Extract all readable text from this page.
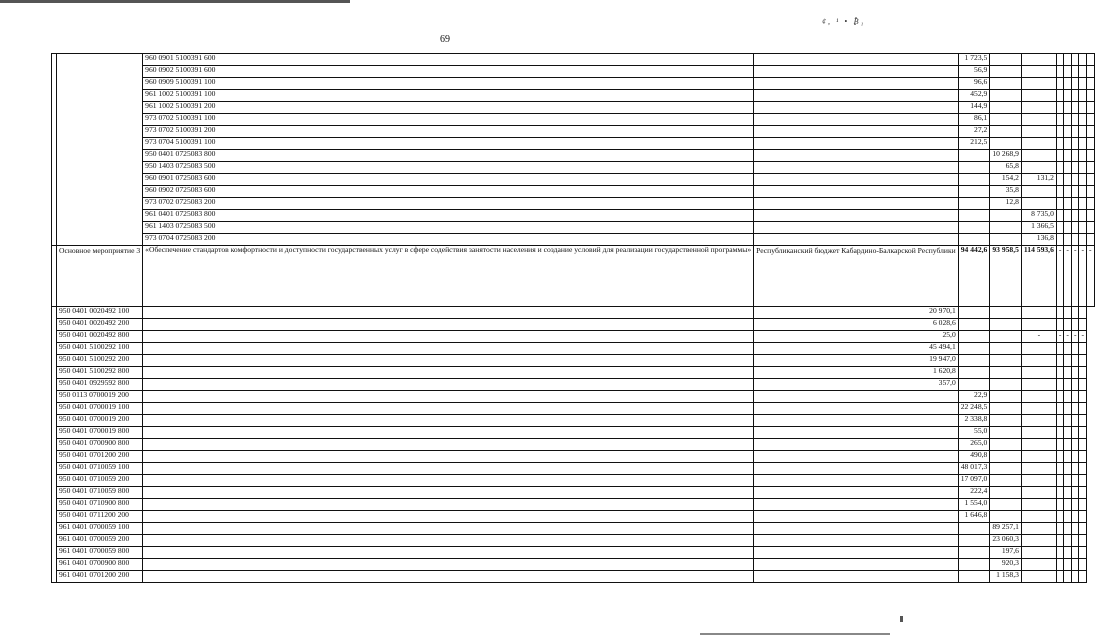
69
¢, ¹ • ₿₁
		960 0901 5100391 600		1 723,5							
		960 0902 5100391 600		56,9							
		960 0909 5100391 100		96,6							
		961 1002 5100391 100		452,9							
		961 1002 5100391 200		144,9							
		973 0702 5100391 100		86,1							
		973 0702 5100391 200		27,2							
		973 0704 5100391 100		212,5							
		950 0401 0725083 800			10 268,9						
		950 1403 0725083 500			65,8						
		960 0901 0725083 600			154,2	131,2					
		960 0902 0725083 600			35,8						
		973 0702 0725083 200			12,8						
		961 0401 0725083 800				8 735,0					
		961 1403 0725083 500				1 366,5					
		973 0704 0725083 200				136,8					
	Основное мероприятие 3	«Обеспечение стандартов комфортности и доступности государственных услуг в сфере содействия занятости населения и создание условий для реализации государственной программы»	Республиканский бюджет Кабардино-Балкарской Республики	94 442,6	93 958,5	114 593,6	-	-	-	-	-
	950 0401 0020492 100		20 970,1								
	950 0401 0020492 200		6 028,6								
	950 0401 0020492 800		25,0			-	-	-	-	-	
	950 0401 5100292 100		45 494,1								
	950 0401 5100292 200		19 947,0								
	950 0401 5100292 800		1 620,8								
	950 0401 0929592 800		357,0								
	950 0113 0700019 200			22,9							
	950 0401 0700019 100			22 248,5							
	950 0401 0700019 200			2 338,8							
	950 0401 0700019 800			55,0							
	950 0401 0700900 800			265,0							
	950 0401 0701200 200			490,8							
	950 0401 0710059 100			48 017,3							
	950 0401 0710059 200			17 097,0							
	950 0401 0710059 800			222,4							
	950 0401 0710900 800			1 554,0							
	950 0401 0711200 200			1 646,8							
	961 0401 0700059 100				89 257,1						
	961 0401 0700059 200				23 060,3						
	961 0401 0700059 800				197,6						
	961 0401 0700900 800				920,3						
	961 0401 0701200 200				1 158,3						
